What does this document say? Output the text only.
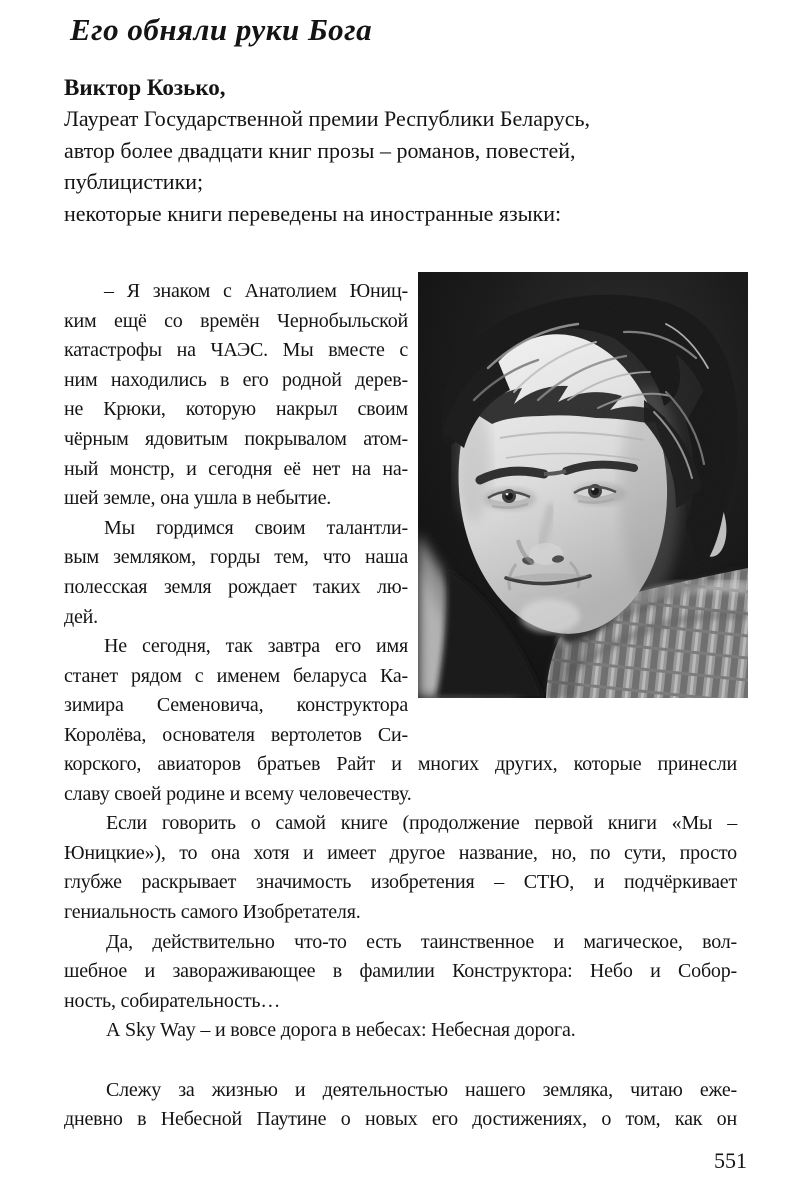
Его обняли руки Бога
Виктор Козько,
Лауреат Государственной премии Республики Беларусь,
автор более двадцати книг прозы – романов, повестей,
публицистики;
некоторые книги переведены на иностранные языки:
– Я знаком с Анатолием Юниц-
ким ещё со времён Чернобыльской
катастрофы на ЧАЭС. Мы вместе с
ним находились в его родной дерев-
не Крюки, которую накрыл своим
чёрным ядовитым покрывалом атом-
ный монстр, и сегодня её нет на на-
шей земле, она ушла в небытие.
Мы гордимся своим талантли-
вым земляком, горды тем, что наша
полесская земля рождает таких лю-
дей.
Не сегодня, так завтра его имя
станет рядом с именем беларуса Ка-
зимира Семеновича, конструктора
Королёва, основателя вертолетов Си-
корского, авиаторов братьев Райт и многих других, которые принесли
славу своей родине и всему человечеству.
Если говорить о самой книге (продолжение первой книги «Мы –
Юницкие»), то она хотя и имеет другое название, но, по сути, просто
глубже раскрывает значимость изобретения – СТЮ, и подчёркивает
гениальность самого Изобретателя.
Да, действительно что-то есть таинственное и магическое, вол-
шебное и завораживающее в фамилии Конструктора: Небо и Собор-
ность, собирательность…
А Sky Way – и вовсе дорога в небесах: Небесная дорога.
Слежу за жизнью и деятельностью нашего земляка, читаю еже-
дневно в Небесной Паутине о новых его достижениях, о том, как он
551
